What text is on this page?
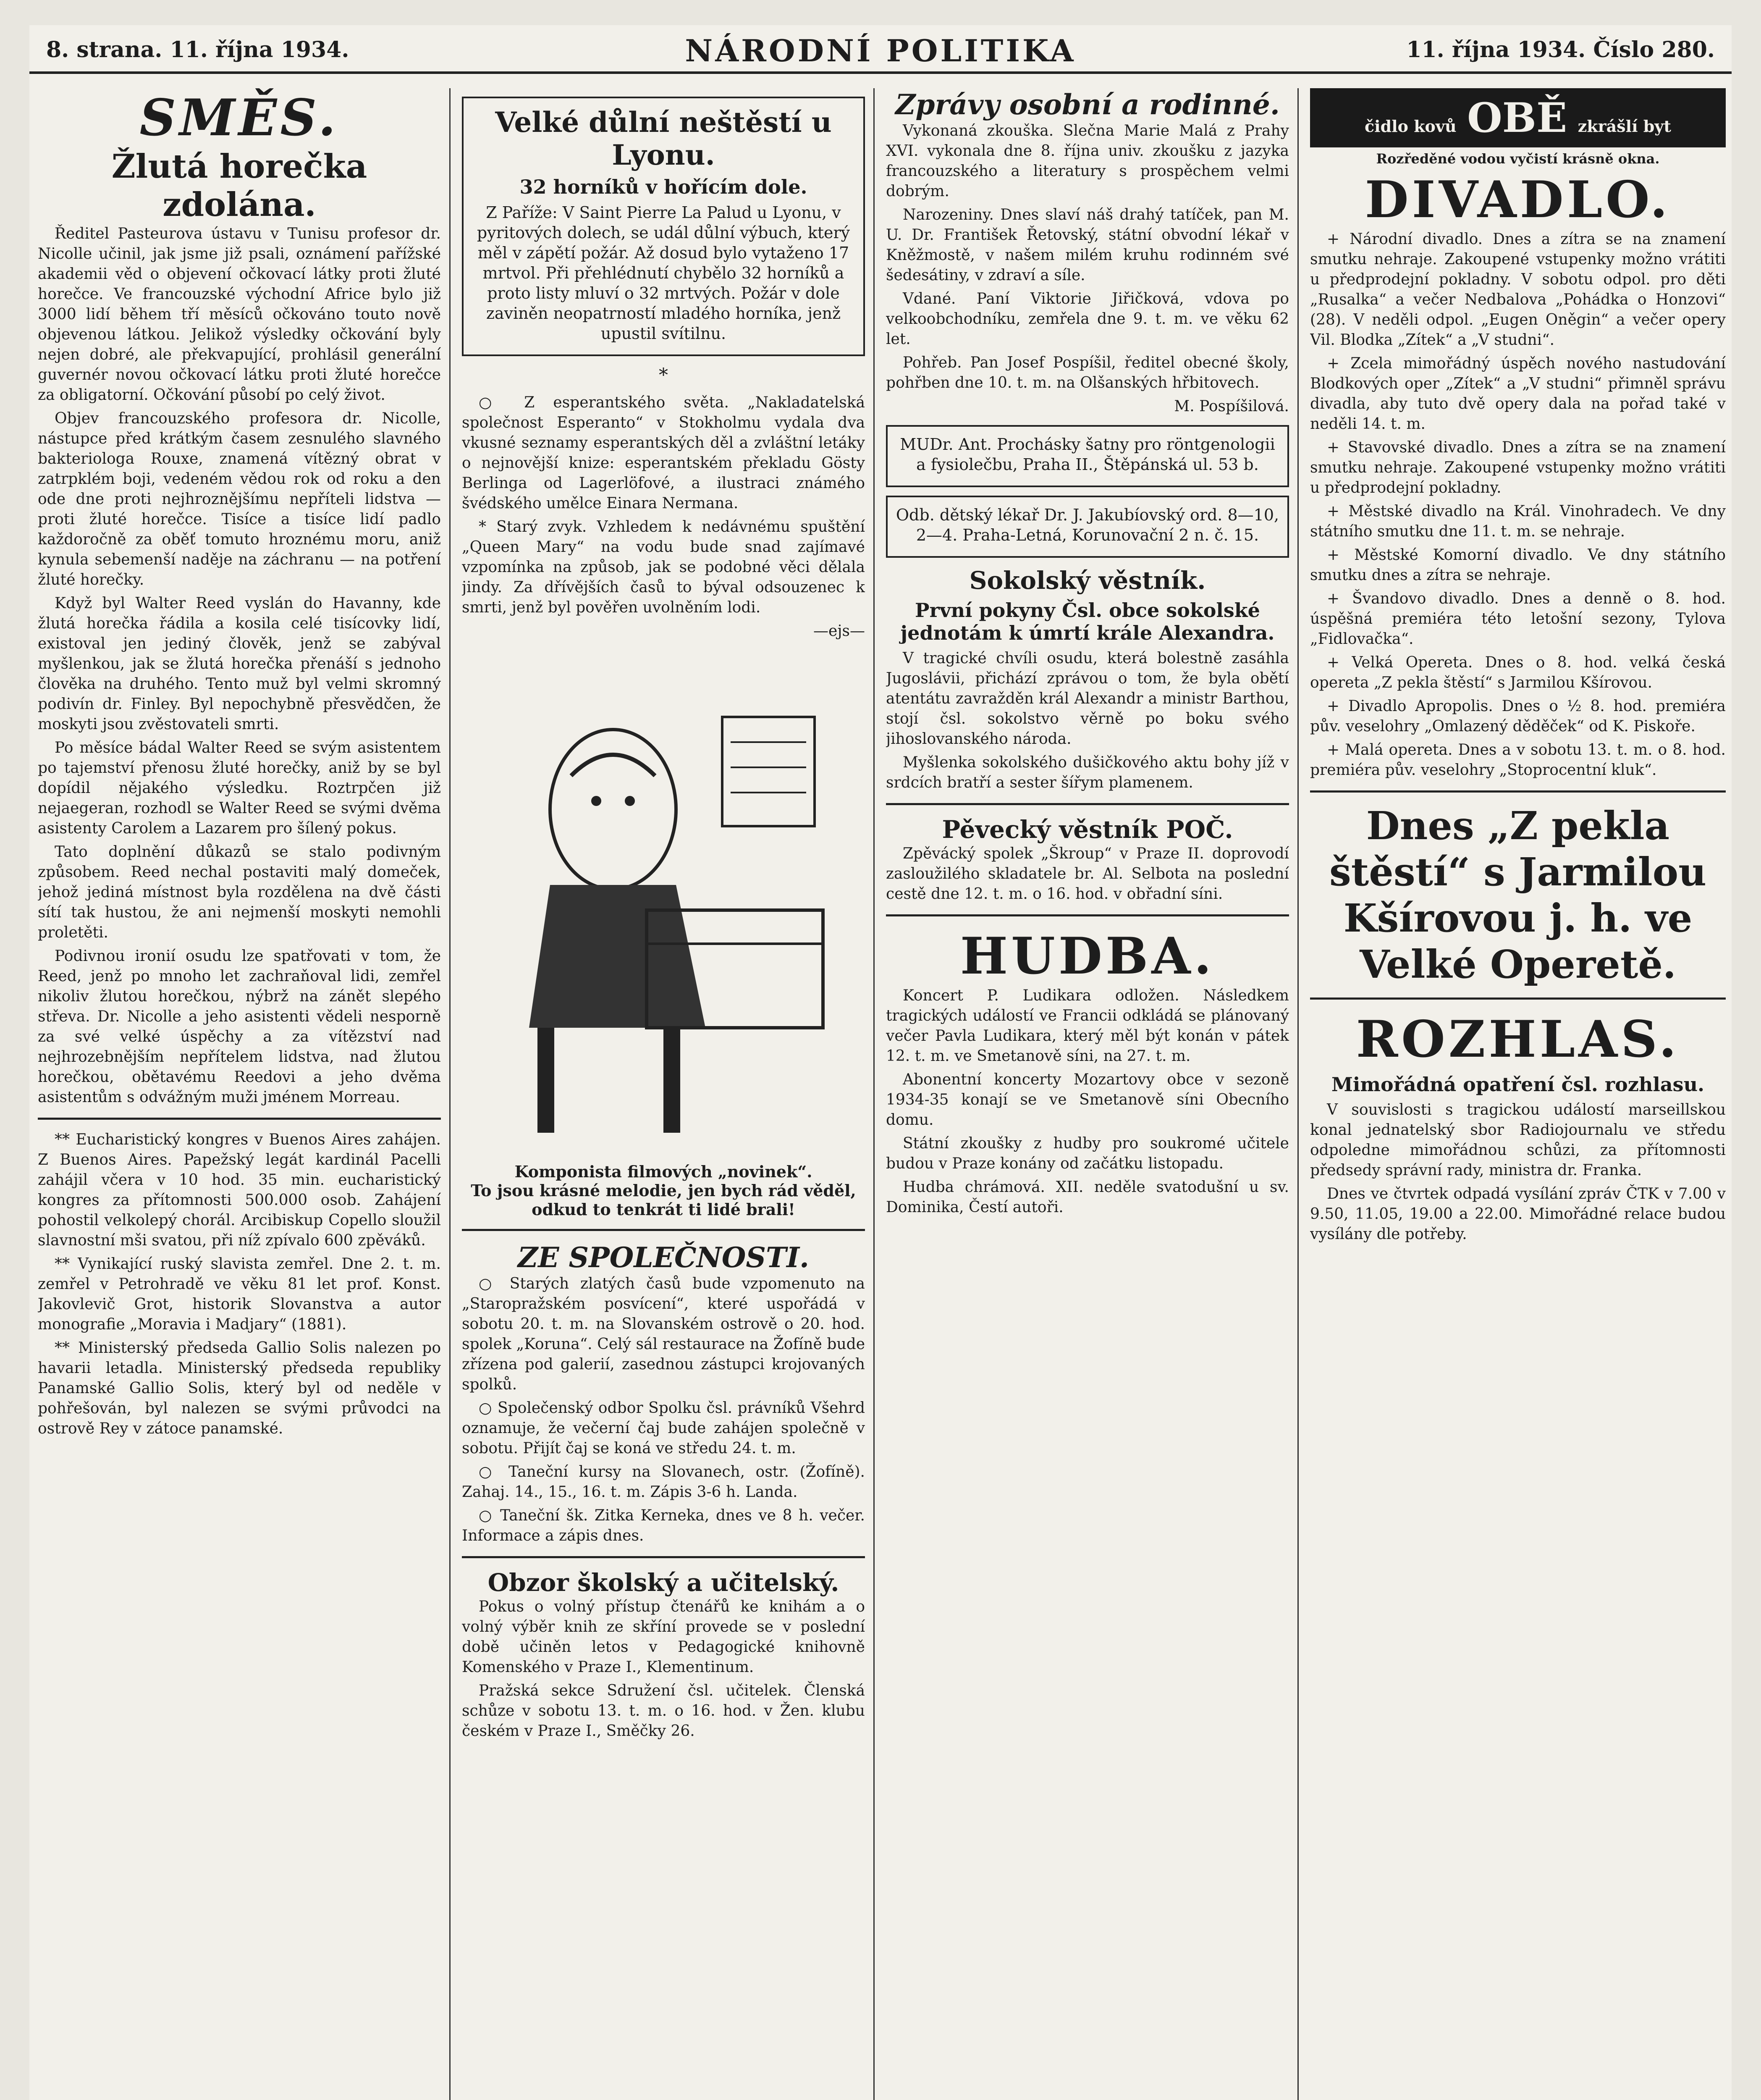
8. strana. 11. října 1934.	NÁRODNÍ POLITIKA	11. října 1934. Číslo 280.
SMĚS.
Žlutá horečka zdolána.

Ředitel Pasteurova ústavu v Tunisu profesor dr. Nicolle učinil, jak jsme již psali, oznámení pařížské akademii věd o objevení očkovací látky proti žluté horečce. Ve francouzské východní Africe bylo již 3000 lidí během tří měsíců očkováno touto nově objevenou látkou. Jelikož výsledky očkování byly nejen dobré, ale překvapující, prohlásil generální guvernér novou očkovací látku proti žluté horečce za obligatorní. Očkování působí po celý život.

Objev francouzského profesora dr. Nicolle, nástupce před krátkým časem zesnulého slavného bakteriologa Rouxe, znamená vítězný obrat v zatrpklém boji, vedeném vědou rok od roku a den ode dne proti nejhroznějšímu nepříteli lidstva — proti žluté horečce. Tisíce a tisíce lidí padlo každoročně za oběť tomuto hroznému moru, aniž kynula sebemenší naděje na záchranu — na potření žluté horečky.

Když byl Walter Reed vyslán do Havanny, kde žlutá horečka řádila a kosila celé tisícovky lidí, existoval jen jediný člověk, jenž se zabýval myšlenkou, jak se žlutá horečka přenáší s jednoho člověka na druhého. Tento muž byl velmi skromný podivín dr. Finley. Byl nepochybně přesvědčen, že moskyti jsou zvěstovateli smrti.

Po měsíce bádal Walter Reed se svým asistentem po tajemství přenosu žluté horečky, aniž by se byl dopídil nějakého výsledku. Roztrpčen již nejaegeran, rozhodl se Walter Reed se svými dvěma asistenty Carolem a Lazarem pro šílený pokus.

Tato doplnění důkazů se stalo podivným způsobem. Reed nechal postaviti malý domeček, jehož jediná místnost byla rozdělena na dvě části sítí tak hustou, že ani nejmenší moskyti nemohli proletěti.

Podivnou ironií osudu lze spatřovati v tom, že Reed, jenž po mnoho let zachraňoval lidi, zemřel nikoliv žlutou horečkou, nýbrž na zánět slepého střeva. Dr. Nicolle a jeho asistenti vědeli nesporně za své velké úspěchy a za vítězství nad nejhrozebnějším nepřítelem lidstva, nad žlutou horečkou, obětavému Reedovi a jeho dvěma asistentům s odvážným muži jménem Morreau.

** Eucharistický kongres v Buenos Aires zahájen. Z Buenos Aires. Papežský legát kardinál Pacelli zahájil včera v 10 hod. 35 min. eucharistický kongres za přítomnosti 500.000 osob. Zahájení pohostil velkolepý chorál. Arcibiskup Copello sloužil slavnostní mši svatou, při níž zpívalo 600 zpěváků.

** Vynikající ruský slavista zemřel. Dne 2. t. m. zemřel v Petrohradě ve věku 81 let prof. Konst. Jakovlevič Grot, historik Slovanstva a autor monografie „Moravia i Madjary“ (1881).

** Ministerský předseda Gallio Solis nalezen po havarii letadla. Ministerský předseda republiky Panamské Gallio Solis, který byl od neděle v pohřešován, byl nalezen se svými průvodci na ostrově Rey v zátoce panamské.

Velké důlní neštěstí u Lyonu.
32 horníků v hořícím dole.

Z Paříže: V Saint Pierre La Palud u Lyonu, v pyritových dolech, se udál důlní výbuch, který měl v zápětí požár. Až dosud bylo vytaženo 17 mrtvol. Při přehlédnutí chybělo 32 horníků a proto listy mluví o 32 mrtvých. Požár v dole zaviněn neopatrností mladého horníka, jenž upustil svítilnu.

*

○ Z esperantského světa. „Nakladatelská společnost Esperanto“ v Stokholmu vydala dva vkusné seznamy esperantských děl a zvláštní letáky o nejnovější knize: esperantském překladu Gösty Berlinga od Lagerlöfové, a ilustraci známého švédského umělce Einara Nermana.

* Starý zvyk. Vzhledem k nedávnému spuštění „Queen Mary“ na vodu bude snad zajímavé vzpomínka na způsob, jak se podobné věci dělala jindy. Za dřívějších časů to býval odsouzenec k smrti, jenž byl pověřen uvolněním lodi.

—ejs—

Komponista filmových „novinek“.
To jsou krásné melodie, jen bych rád věděl, odkud to tenkrát ti lidé brali!
ZE SPOLEČNOSTI.

○ Starých zlatých časů bude vzpomenuto na „Staropražském posvícení“, které uspořádá v sobotu 20. t. m. na Slovanském ostrově o 20. hod. spolek „Koruna“. Celý sál restaurace na Žofíně bude zřízena pod galerií, zasednou zástupci krojovaných spolků.

○ Společenský odbor Spolku čsl. právníků Všehrd oznamuje, že večerní čaj bude zahájen společně v sobotu. Přijít čaj se koná ve středu 24. t. m.

○ Taneční kursy na Slovanech, ostr. (Žofíně). Zahaj. 14., 15., 16. t. m. Zápis 3-6 h. Landa.

○ Taneční šk. Zitka Kerneka, dnes ve 8 h. večer. Informace a zápis dnes.

Obzor školský a učitelský.

Pokus o volný přístup čtenářů ke knihám a o volný výběr knih ze skříní provede se v poslední době učiněn letos v Pedagogické knihovně Komenského v Praze I., Klementinum.

Pražská sekce Sdružení čsl. učitelek. Členská schůze v sobotu 13. t. m. o 16. hod. v Žen. klubu českém v Praze I., Směčky 26.

Zprávy osobní a rodinné.

Vykonaná zkouška. Slečna Marie Malá z Prahy XVI. vykonala dne 8. října univ. zkoušku z jazyka francouzského a literatury s prospěchem velmi dobrým.

Narozeniny. Dnes slaví náš drahý tatíček, pan M. U. Dr. František Řetovský, státní obvodní lékař v Kněžmostě, v našem milém kruhu rodinném své šedesátiny, v zdraví a síle.

Vdané. Paní Viktorie Jiřičková, vdova po velkoobchodníku, zemřela dne 9. t. m. ve věku 62 let.

Pohřeb. Pan Josef Pospíšil, ředitel obecné školy, pohřben dne 10. t. m. na Olšanských hřbitovech.

M. Pospíšilová.

MUDr. Ant. Prochásky šatny pro röntgenologii a fysiolečbu, Praha II., Štěpánská ul. 53 b.

Odb. dětský lékař Dr. J. Jakubíovský ord. 8—10, 2—4. Praha-Letná, Korunovační 2 n. č. 15.

Sokolský věstník.
První pokyny Čsl. obce sokolské jednotám k úmrtí krále Alexandra.

V tragické chvíli osudu, která bolestně zasáhla Jugoslávii, přichází zprávou o tom, že byla obětí atentátu zavražděn král Alexandr a ministr Barthou, stojí čsl. sokolstvo věrně po boku svého jihoslovanského národa.

Myšlenka sokolského dušičkového aktu bohy jíž v srdcích bratří a sester šířym plamenem.

Pěvecký věstník POČ.

Zpěvácký spolek „Škroup“ v Praze II. doprovodí zasloužilého skladatele br. Al. Selbota na poslední cestě dne 12. t. m. o 16. hod. v obřadní síni.

HUDBA.

Koncert P. Ludikara odložen. Následkem tragických událostí ve Francii odkládá se plánovaný večer Pavla Ludikara, který měl být konán v pátek 12. t. m. ve Smetanově síni, na 27. t. m.

Abonentní koncerty Mozartovy obce v sezoně 1934-35 konají se ve Smetanově síni Obecního domu.

Státní zkoušky z hudby pro soukromé učitele budou v Praze konány od začátku listopadu.

Hudba chrámová. XII. neděle svatodušní u sv. Dominika, Čestí autoři.

čidlo kovů OBĚ zkrášlí byt
Rozředěné vodou vyčistí krásně okna.
DIVADLO.

+ Národní divadlo. Dnes a zítra se na znamení smutku nehraje. Zakoupené vstupenky možno vrátiti u předprodejní pokladny. V sobotu odpol. pro děti „Rusalka“ a večer Nedbalova „Pohádka o Honzovi“ (28). V neděli odpol. „Eugen Oněgin“ a večer opery Vil. Blodka „Zítek“ a „V studni“.

+ Zcela mimořádný úspěch nového nastudování Blodkových oper „Zítek“ a „V studni“ přimněl správu divadla, aby tuto dvě opery dala na pořad také v neděli 14. t. m.

+ Stavovské divadlo. Dnes a zítra se na znamení smutku nehraje. Zakoupené vstupenky možno vrátiti u předprodejní pokladny.

+ Městské divadlo na Král. Vinohradech. Ve dny státního smutku dne 11. t. m. se nehraje.

+ Městské Komorní divadlo. Ve dny státního smutku dnes a zítra se nehraje.

+ Švandovo divadlo. Dnes a denně o 8. hod. úspěšná premiéra této letošní sezony, Tylova „Fidlovačka“.

+ Velká Opereta. Dnes o 8. hod. velká česká opereta „Z pekla štěstí“ s Jarmilou Kšírovou.

+ Divadlo Apropolis. Dnes o ½ 8. hod. premiéra pův. veselohry „Omlazený děděček“ od K. Piskoře.

+ Malá opereta. Dnes a v sobotu 13. t. m. o 8. hod. premiéra pův. veselohry „Stoprocentní kluk“.

Dnes „Z pekla štěstí“ s Jarmilou Kšírovou j. h. ve Velké Operetě.
ROZHLAS.
Mimořádná opatření čsl. rozhlasu.

V souvislosti s tragickou událostí marseillskou konal jednatelský sbor Radiojournalu ve středu odpoledne mimořádnou schůzi, za přítomnosti předsedy správní rady, ministra dr. Franka.

Dnes ve čtvrtek odpadá vysílání zpráv ČTK v 7.00 v 9.50, 11.05, 19.00 a 22.00. Mimořádné relace budou vysílány dle potřeby.
